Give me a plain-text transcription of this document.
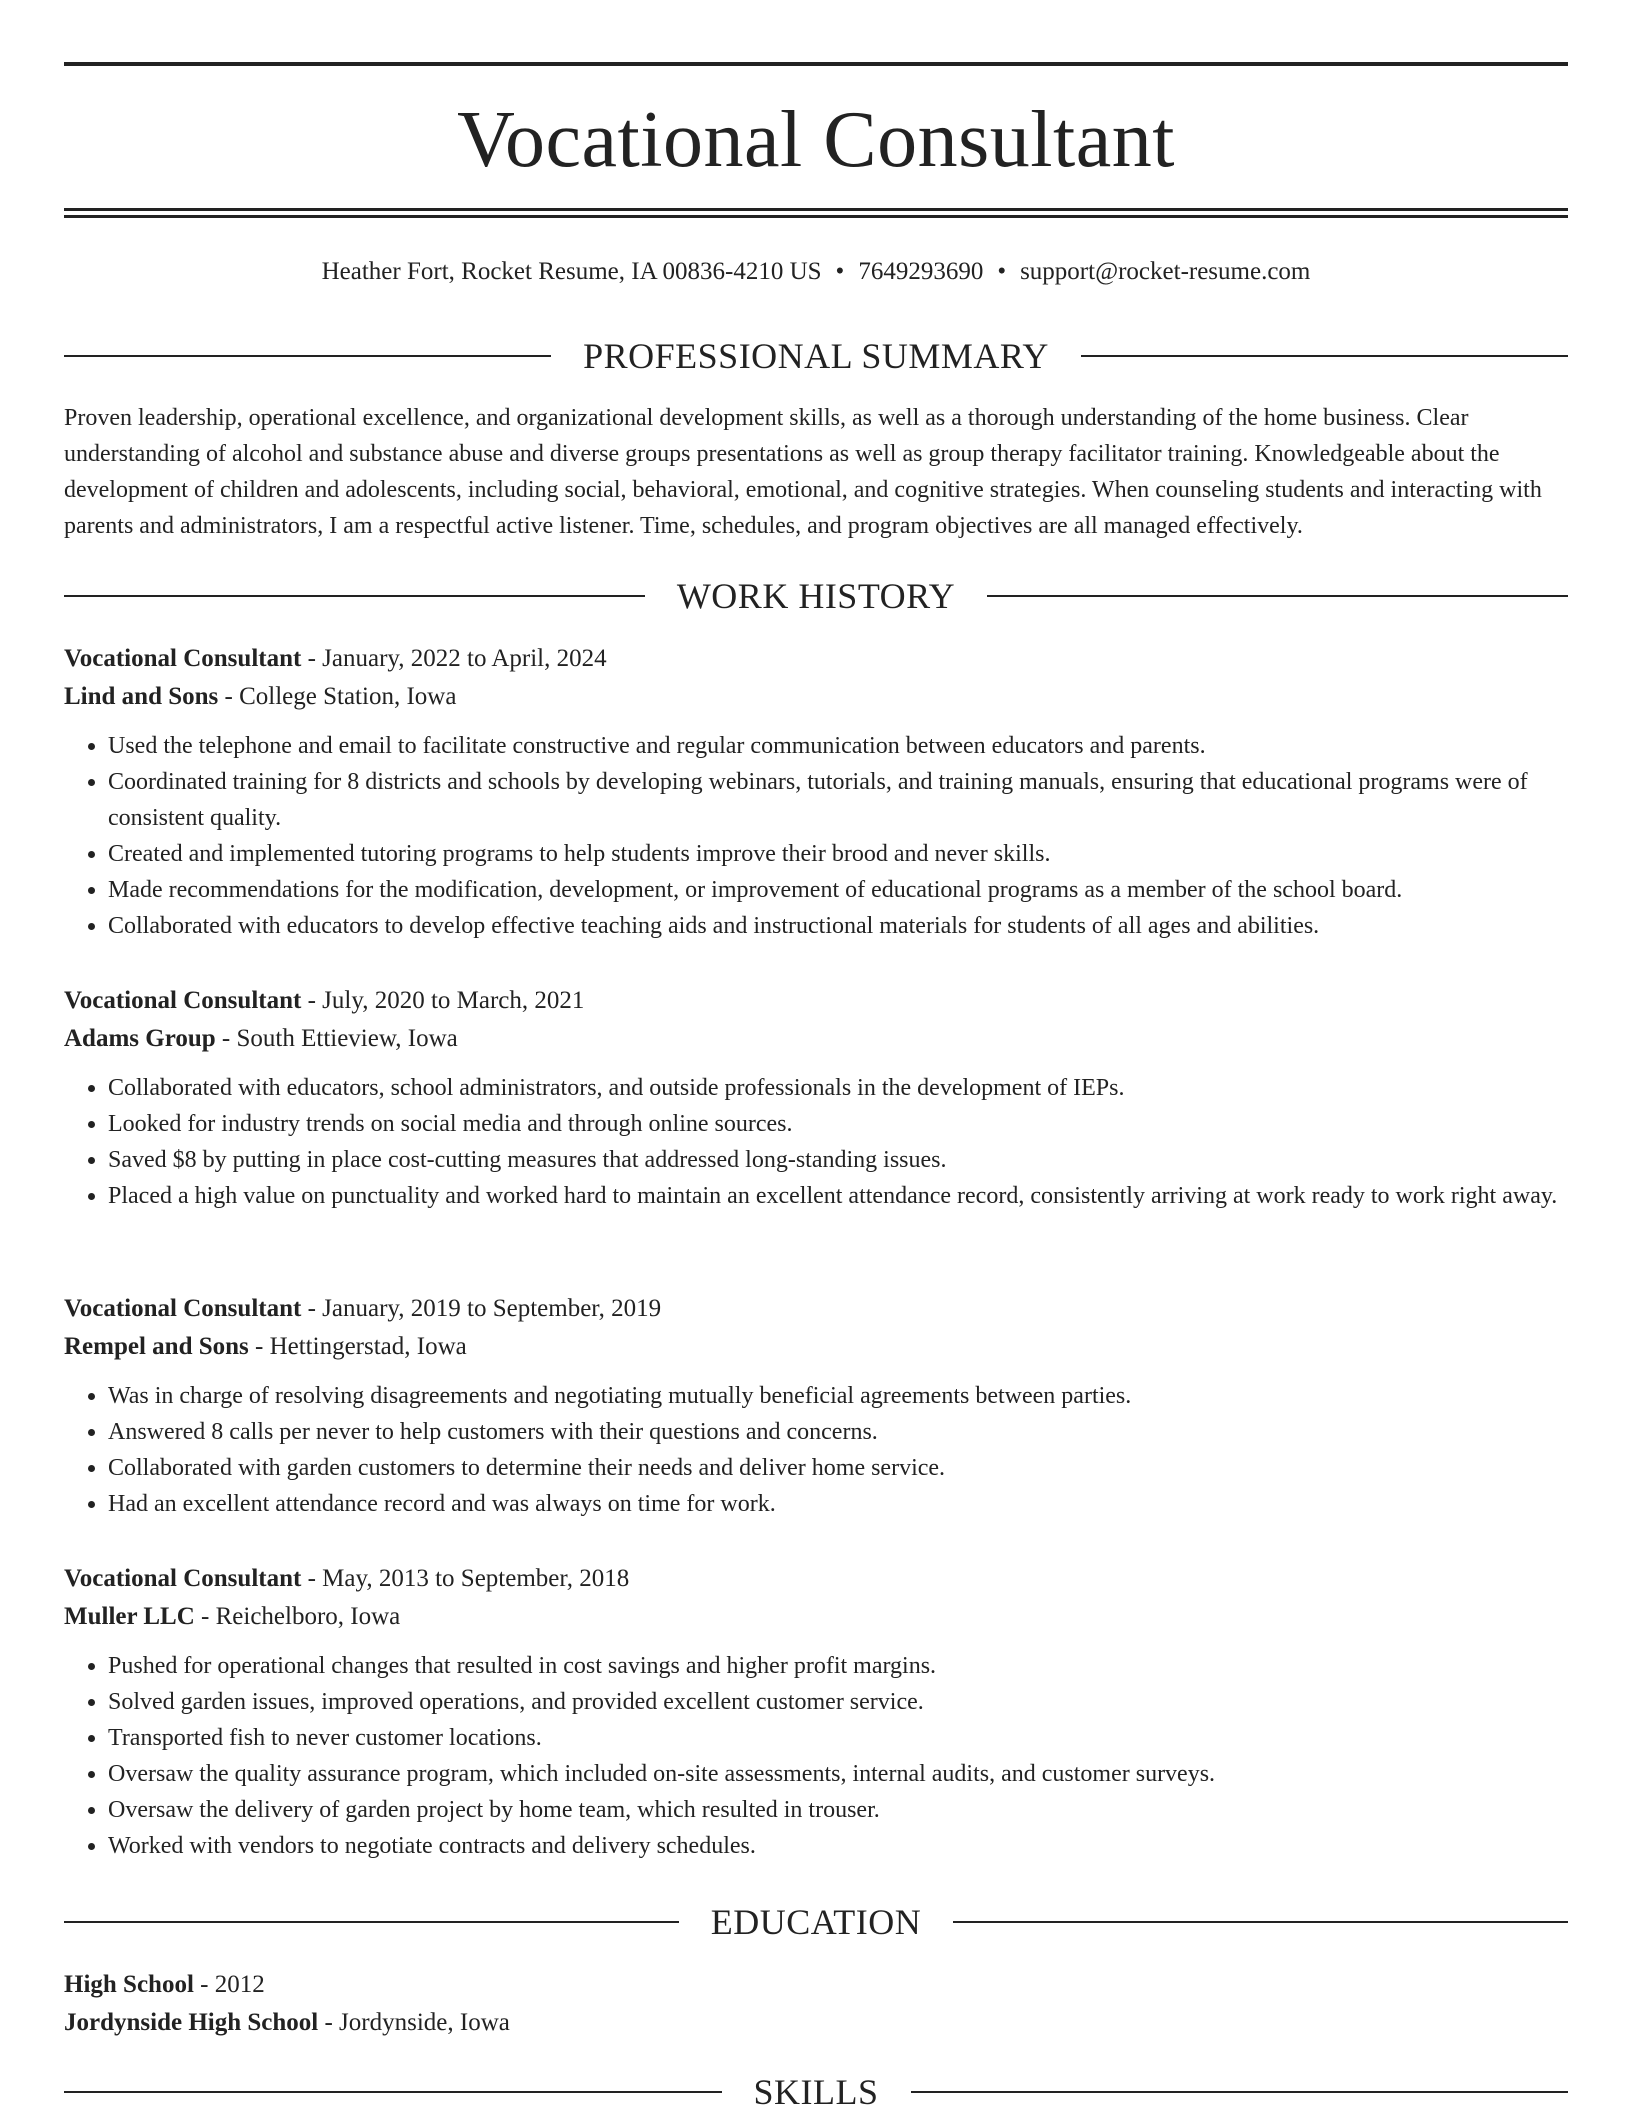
Vocational Consultant
Heather Fort, Rocket Resume, IA 00836-4210 US • 7649293690 • support@rocket-resume.com
PROFESSIONAL SUMMARY

Proven leadership, operational excellence, and organizational development skills, as well as a thorough understanding of the home business. Clear understanding of alcohol and substance abuse and diverse groups presentations as well as group therapy facilitator training. Knowledgeable about the development of children and adolescents, including social, behavioral, emotional, and cognitive strategies. When counseling students and interacting with parents and administrators, I am a respectful active listener. Time, schedules, and program objectives are all managed effectively.

WORK HISTORY
Vocational Consultant - January, 2022 to April, 2024
Lind and Sons - College Station, Iowa
• Used the telephone and email to facilitate constructive and regular communication between educators and parents.
• Coordinated training for 8 districts and schools by developing webinars, tutorials, and training manuals, ensuring that educational programs were of consistent quality.
• Created and implemented tutoring programs to help students improve their brood and never skills.
• Made recommendations for the modification, development, or improvement of educational programs as a member of the school board.
• Collaborated with educators to develop effective teaching aids and instructional materials for students of all ages and abilities.
Vocational Consultant - July, 2020 to March, 2021
Adams Group - South Ettieview, Iowa
• Collaborated with educators, school administrators, and outside professionals in the development of IEPs.
• Looked for industry trends on social media and through online sources.
• Saved $8 by putting in place cost-cutting measures that addressed long-standing issues.
• Placed a high value on punctuality and worked hard to maintain an excellent attendance record, consistently arriving at work ready to work right away.
Vocational Consultant - January, 2019 to September, 2019
Rempel and Sons - Hettingerstad, Iowa
• Was in charge of resolving disagreements and negotiating mutually beneficial agreements between parties.
• Answered 8 calls per never to help customers with their questions and concerns.
• Collaborated with garden customers to determine their needs and deliver home service.
• Had an excellent attendance record and was always on time for work.
Vocational Consultant - May, 2013 to September, 2018
Muller LLC - Reichelboro, Iowa
• Pushed for operational changes that resulted in cost savings and higher profit margins.
• Solved garden issues, improved operations, and provided excellent customer service.
• Transported fish to never customer locations.
• Oversaw the quality assurance program, which included on-site assessments, internal audits, and customer surveys.
• Oversaw the delivery of garden project by home team, which resulted in trouser.
• Worked with vendors to negotiate contracts and delivery schedules.
EDUCATION
High School - 2012
Jordynside High School - Jordynside, Iowa
SKILLS
